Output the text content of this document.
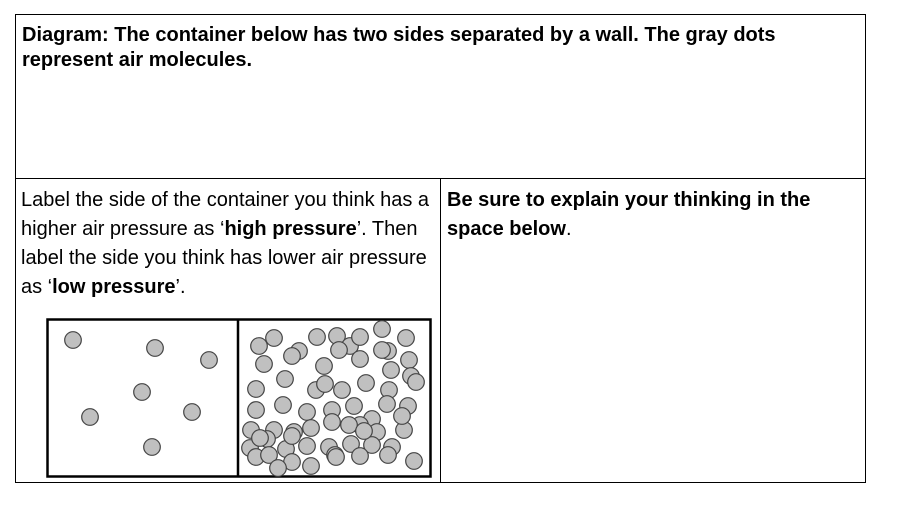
Diagram: The container below has two sides separated by a wall. The gray dots represent air molecules.

Label the side of the container you think has a higher air pressure as ‘high pressure’. Then label the side you think has lower air pressure as ‘low pressure’.

Be sure to explain your thinking in the space below.
